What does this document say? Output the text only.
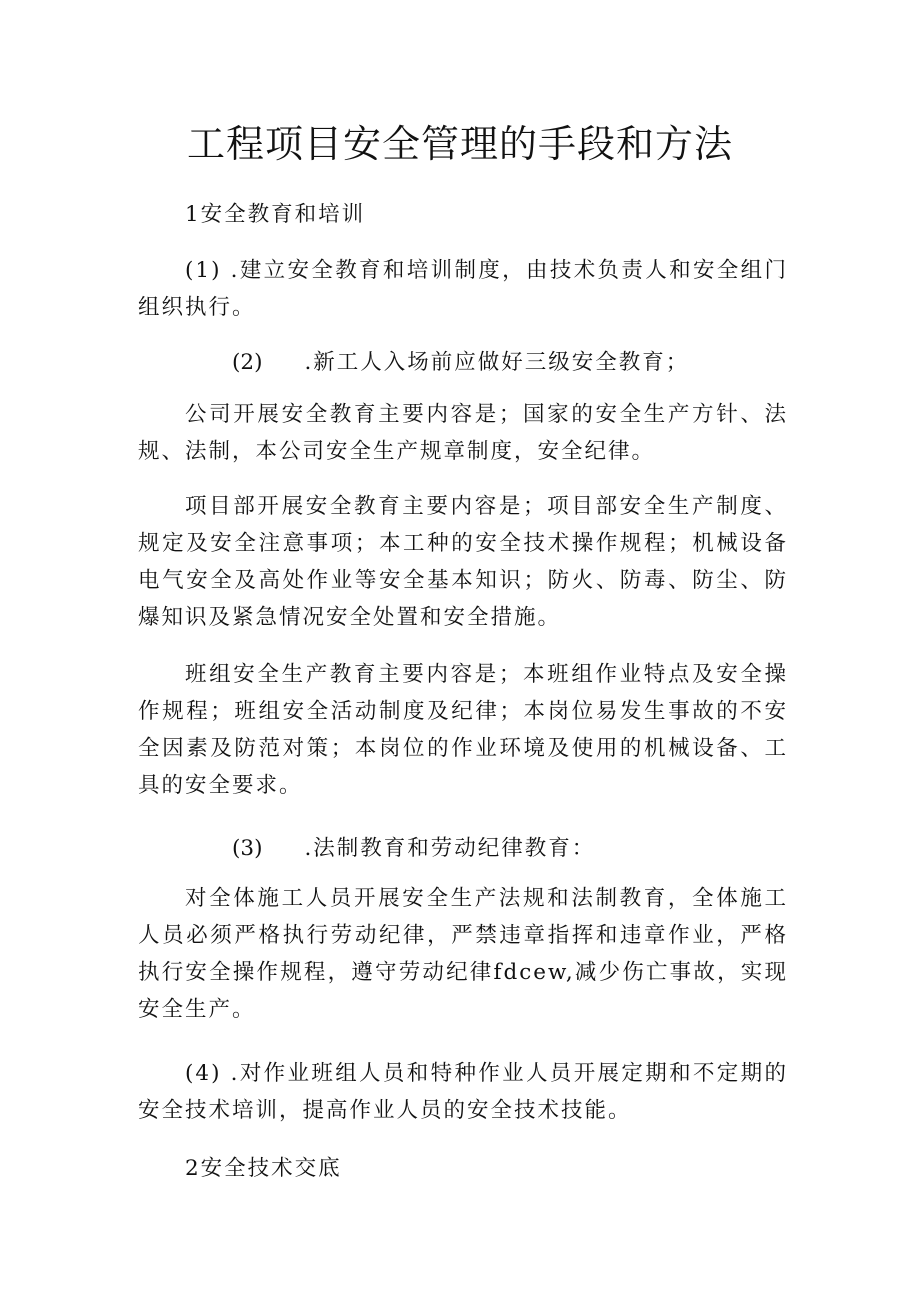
工程项目安全管理的手段和方法
1安全教育和培训
(1) .建立安全教育和培训制度，由技术负责人和安全组门组织执行。
(2) .新工人入场前应做好三级安全教育；
公司开展安全教育主要内容是；国家的安全生产方针、法规、法制，本公司安全生产规章制度，安全纪律。
项目部开展安全教育主要内容是；项目部安全生产制度、规定及安全注意事项；本工种的安全技术操作规程；机械设备电气安全及高处作业等安全基本知识；防火、防毒、防尘、防爆知识及紧急情况安全处置和安全措施。
班组安全生产教育主要内容是；本班组作业特点及安全操作规程；班组安全活动制度及纪律；本岗位易发生事故的不安全因素及防范对策；本岗位的作业环境及使用的机械设备、工具的安全要求。
(3) .法制教育和劳动纪律教育：
对全体施工人员开展安全生产法规和法制教育，全体施工人员必须严格执行劳动纪律，严禁违章指挥和违章作业，严格执行安全操作规程，遵守劳动纪律fdcew,减少伤亡事故，实现安全生产。
(4) .对作业班组人员和特种作业人员开展定期和不定期的安全技术培训，提高作业人员的安全技术技能。
2安全技术交底
